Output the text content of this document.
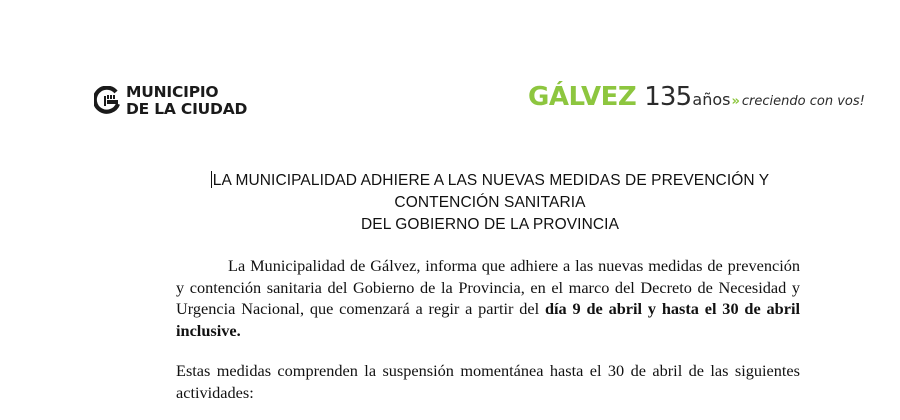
MUNICIPIO
DE LA CIUDAD	GÁLVEZ 135 años » creciendo con vos!
LA MUNICIPALIDAD ADHIERE A LAS NUEVAS MEDIDAS DE PREVENCIÓN Y
CONTENCIÓN SANITARIA
DEL GOBIERNO DE LA PROVINCIA

La Municipalidad de Gálvez, informa que adhiere a las nuevas medidas de prevención y contención sanitaria del Gobierno de la Provincia, en el marco del Decreto de Necesidad y Urgencia Nacional, que comenzará a regir a partir del día 9 de abril y hasta el 30 de abril inclusive.

Estas medidas comprenden la suspensión momentánea hasta el 30 de abril de las siguientes actividades:
